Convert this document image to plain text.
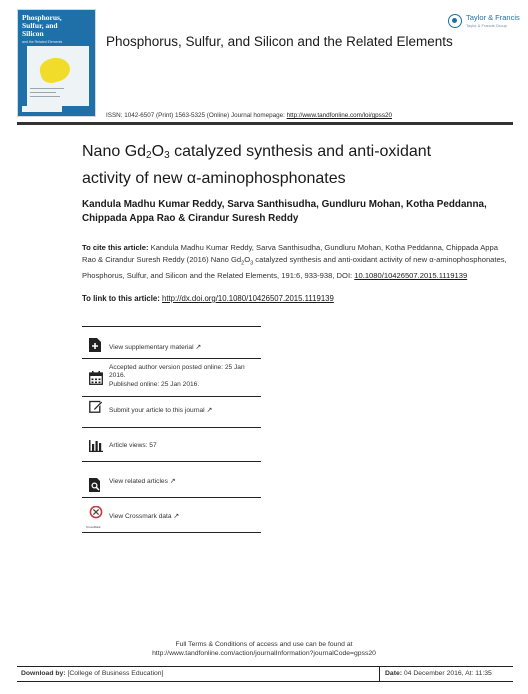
Phosphorus,
Sulfur, and
Silicon
and the Related Elements
Taylor & Francis
Taylor & Francis Group
Phosphorus, Sulfur, and Silicon and the Related Elements
ISSN: 1042-6507 (Print) 1563-5325 (Online) Journal homepage: http://www.tandfonline.com/loi/gpss20
Nano $Gd_2O_3$ catalyzed synthesis and anti-oxidant
activity of new α-aminophosphonates
Kandula Madhu Kumar Reddy, Sarva Santhisudha, Gundluru Mohan, Kotha Peddanna, Chippada Appa Rao & Cirandur Suresh Reddy
To cite this article: Kandula Madhu Kumar Reddy, Sarva Santhisudha, Gundluru Mohan, Kotha Peddanna, Chippada Appa Rao & Cirandur Suresh Reddy (2016) Nano $Gd_2O_3$ catalyzed synthesis and anti-oxidant activity of new α-aminophosphonates, Phosphorus, Sulfur, and Silicon and the Related Elements, 191:6, 933-938, DOI: 10.1080/10426507.2015.1119139
To link to this article: http://dx.doi.org/10.1080/10426507.2015.1119139
View supplementary material ↗︎
Accepted author version posted online: 25 Jan 2016.
Published online: 25 Jan 2016.
Submit your article to this journal ↗︎
Article views: 57
View related articles ↗︎
CrossMark
View Crossmark data ↗︎
Full Terms & Conditions of access and use can be found at
http://www.tandfonline.com/action/journalInformation?journalCode=gpss20
Download by: [College of Business Education]	Date: 04 December 2016, At: 11:35
